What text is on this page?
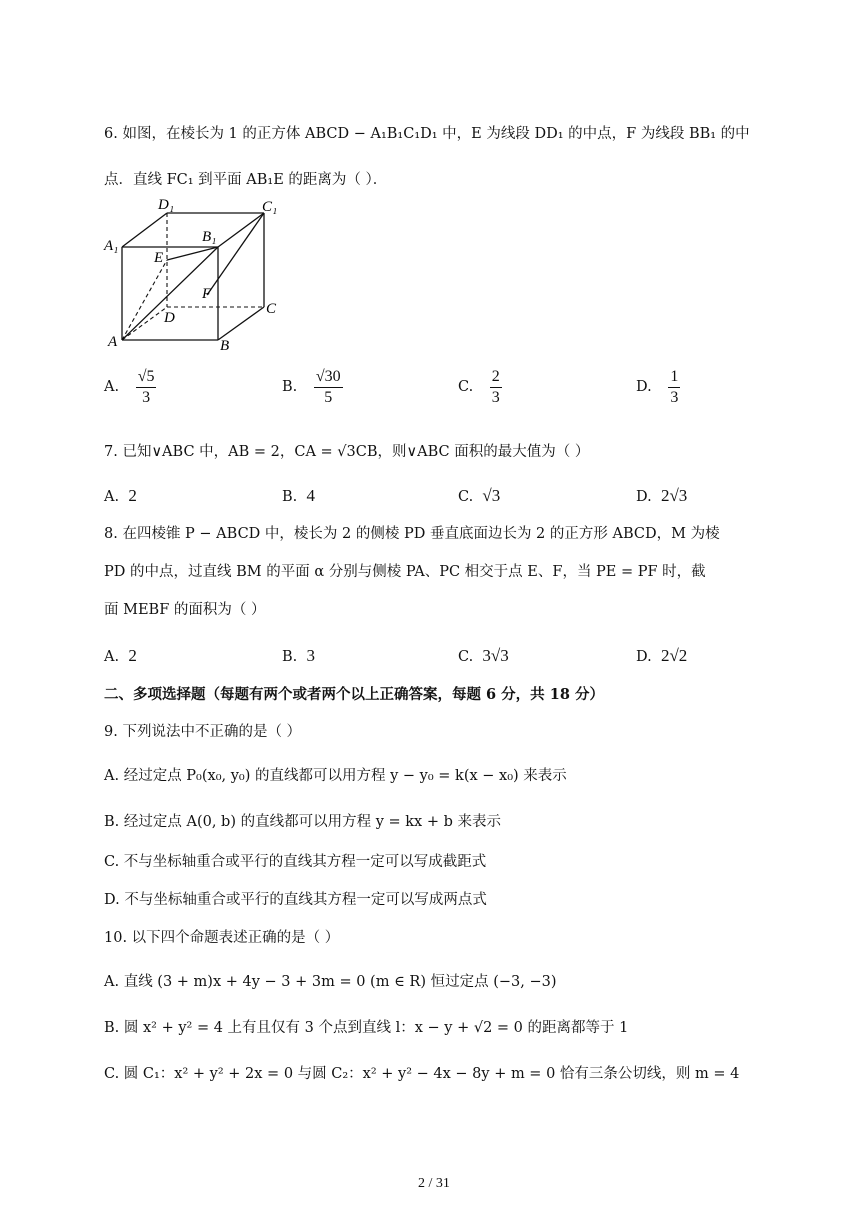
6. 如图，在棱长为 1 的正方体 ABCD − A₁B₁C₁D₁ 中，E 为线段 DD₁ 的中点，F 为线段 BB₁ 的中
点．直线 FC₁ 到平面 AB₁E 的距离为（ ）．
D₁	C₁
A₁
B₁
E
F
D
C
A	B
A. $\frac{√5}{3}$	B. $\frac{√30}{5}$	C. $\frac{2}{3}$	D. $\frac{1}{3}$
7. 已知∨ABC 中，AB = 2，CA = √3CB，则∨ABC 面积的最大值为（ ）
A. 2	B. 4	C. √3	D. 2√3
8. 在四棱锥 P − ABCD 中，棱长为 2 的侧棱 PD 垂直底面边长为 2 的正方形 ABCD，M 为棱
PD 的中点，过直线 BM 的平面 α 分别与侧棱 PA、PC 相交于点 E、F，当 PE = PF 时，截
面 MEBF 的面积为（ ）
A. 2	B. 3	C. 3√3	D. 2√2
二、多项选择题（每题有两个或者两个以上正确答案，每题 6 分，共 18 分）
9. 下列说法中不正确的是（ ）
A. 经过定点 P₀(x₀, y₀) 的直线都可以用方程 y − y₀ = k(x − x₀) 来表示
B. 经过定点 A(0, b) 的直线都可以用方程 y = kx + b 来表示
C. 不与坐标轴重合或平行的直线其方程一定可以写成截距式
D. 不与坐标轴重合或平行的直线其方程一定可以写成两点式
10. 以下四个命题表述正确的是（ ）
A. 直线 (3 + m)x + 4y − 3 + 3m = 0 (m ∈ R) 恒过定点 (−3, −3)
B. 圆 x² + y² = 4 上有且仅有 3 个点到直线 l：x − y + √2 = 0 的距离都等于 1
C. 圆 C₁：x² + y² + 2x = 0 与圆 C₂：x² + y² − 4x − 8y + m = 0 恰有三条公切线，则 m = 4
2 / 31
